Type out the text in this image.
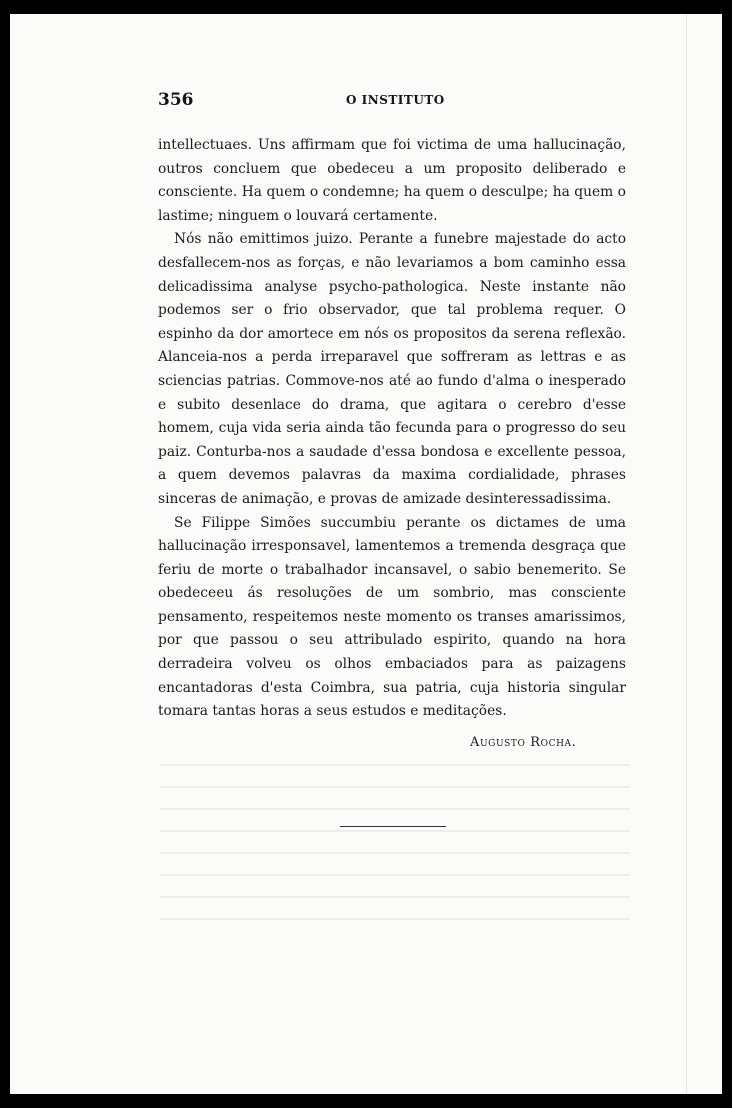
356	O INSTITUTO

intellectuaes. Uns affirmam que foi victima de uma hallucinação, outros concluem que obedeceu a um proposito deliberado e consciente. Ha quem o condemne; ha quem o desculpe; ha quem o lastime; ninguem o louvará certamente.

Nós não emittimos juizo. Perante a funebre majestade do acto desfallecem-nos as forças, e não levariamos a bom caminho essa delicadissima analyse psycho-pathologica. Neste instante não podemos ser o frio observador, que tal problema requer. O espinho da dor amortece em nós os propositos da serena reflexão. Alanceia-nos a perda irreparavel que soffreram as lettras e as sciencias patrias. Commove-nos até ao fundo d'alma o inesperado e subito desenlace do drama, que agitara o cerebro d'esse homem, cuja vida seria ainda tão fecunda para o progresso do seu paiz. Conturba-nos a saudade d'essa bondosa e excellente pessoa, a quem devemos palavras da maxima cordialidade, phrases sinceras de animação, e provas de amizade desinteressadissima.

Se Filippe Simões succumbiu perante os dictames de uma hallucinação irresponsavel, lamentemos a tremenda desgraça que feriu de morte o trabalhador incansavel, o sabio benemerito. Se obedeceeu ás resoluções de um sombrio, mas consciente pensamento, respeitemos neste momento os transes amarissimos, por que passou o seu attribulado espirito, quando na hora derradeira volveu os olhos embaciados para as paizagens encantadoras d'esta Coimbra, sua patria, cuja historia singular tomara tantas horas a seus estudos e meditações.

Augusto Rocha.
